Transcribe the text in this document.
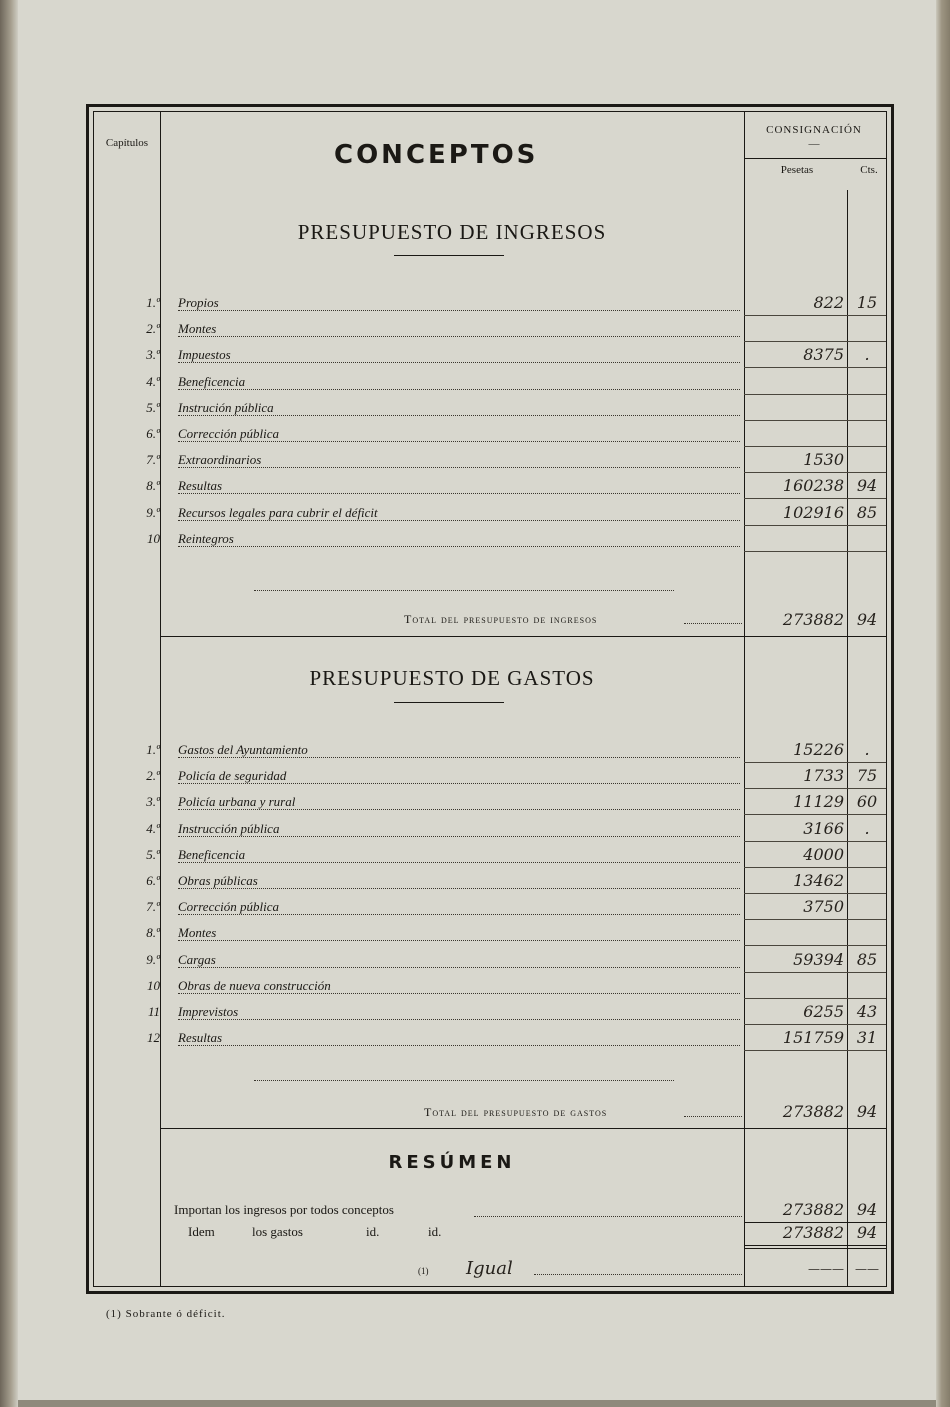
Capítulos	CONCEPTOS
CONSIGNACIÓN
—
Pesetas	Cts.
PRESUPUESTO DE INGRESOS
1.º Propios	822 15
2.º Montes
3.º Impuestos	8375	.
4.º Beneficencia
5.º Instrución pública
6.º Corrección pública
7.º Extraordinarios	1530
8.º Resultas	160238 94
9.º Recursos legales para cubrir el déficit	102916 85
10 Reintegros
Total del presupuesto de ingresos	273882 94
PRESUPUESTO DE GASTOS
1.º Gastos del Ayuntamiento	15226	.
2.º Policía de seguridad	1733 75
3.º Policía urbana y rural	11129 60
4.º Instrucción pública	3166	.
5.º Beneficencia	4000
6.º Obras públicas	13462
7.º Corrección pública	3750
8.º Montes
9.º Cargas	59394 85
10 Obras de nueva construcción
11 Imprevistos	6255 43
12 Resultas	151759 31
Total del presupuesto de gastos	273882 94
RESÚMEN
Importan los ingresos por todos conceptos	273882 94
Idem	los gastos	id.	id.	273882 94
(1) Igual	——— ——
(1) Sobrante ó déficit.
